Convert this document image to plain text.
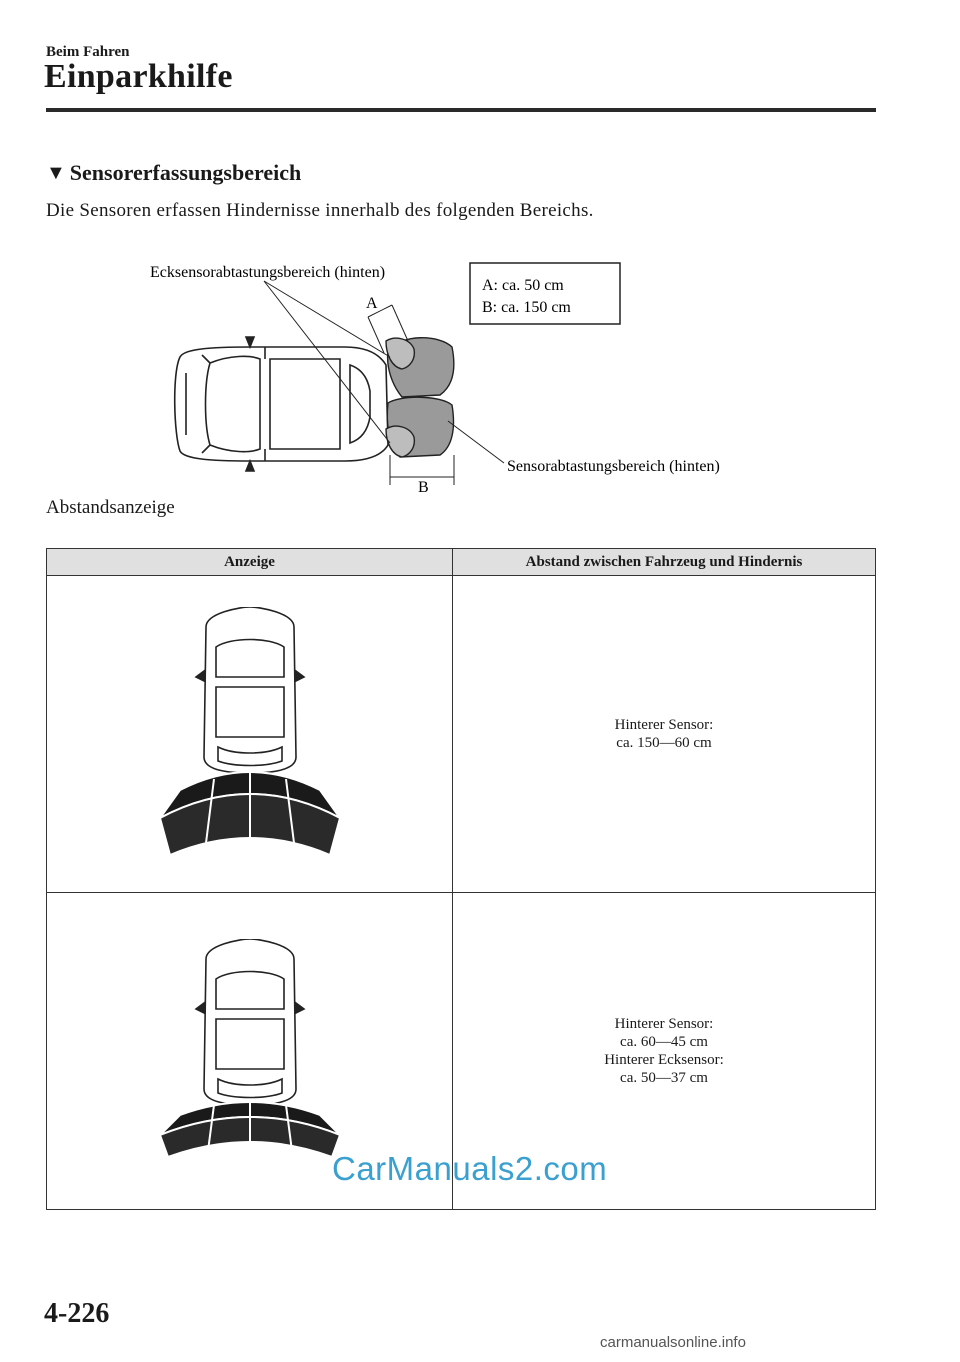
Beim Fahren
Einparkhilfe
▼ Sensorerfassungsbereich
Die Sensoren erfassen Hindernisse innerhalb des folgenden Bereichs.
A: ca. 50 cm
B: ca. 150 cm
Ecksensorabtastungsbereich (hinten)
A
B
Sensorabtastungsbereich (hinten)
Abstandsanzeige
Anzeige	Abstand zwischen Fahrzeug und Hindernis

Hinterer Sensor:
ca. 150—60 cm

Hinterer Sensor:
ca. 60—45 cm
Hinterer Ecksensor:
ca. 50—37 cm
CarManuals2.com
4-226
carmanualsonline.info
